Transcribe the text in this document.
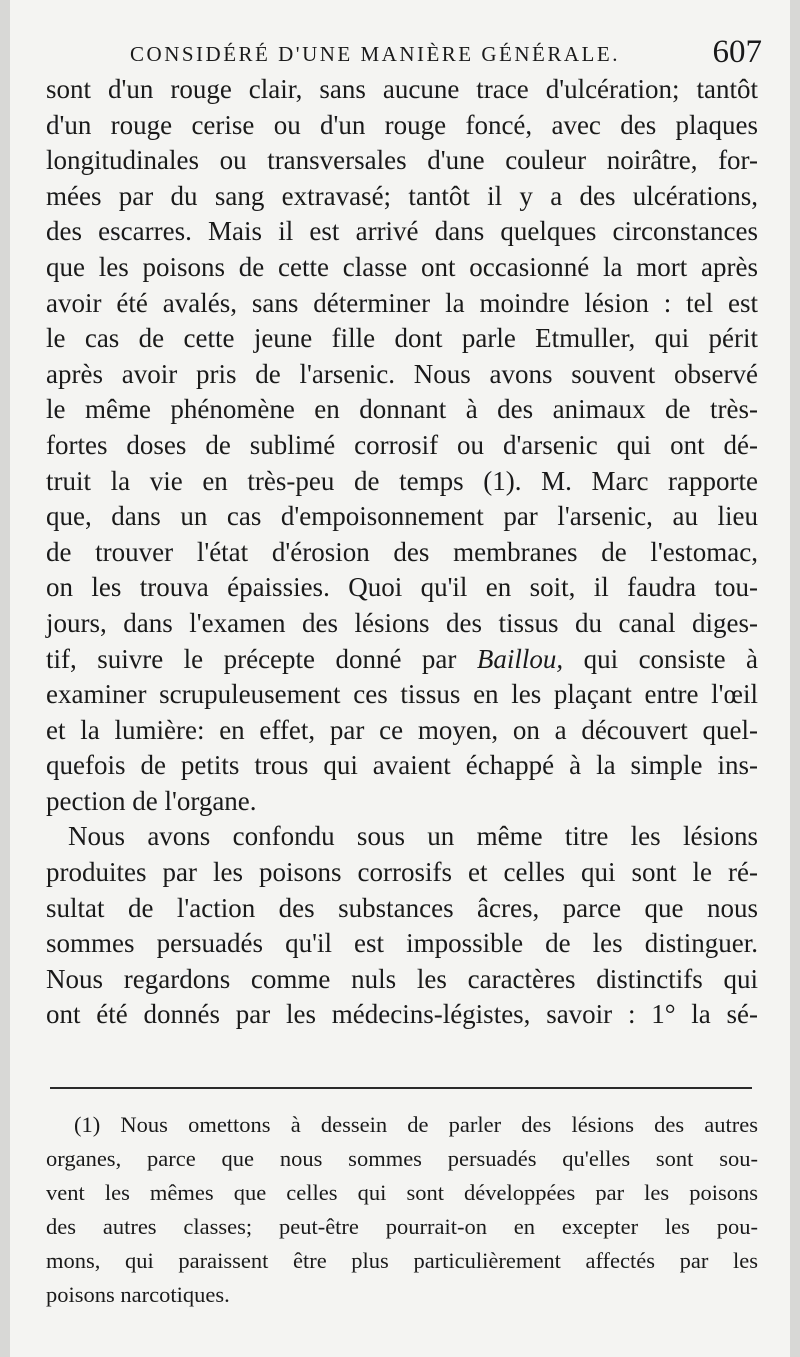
CONSIDÉRÉ D'UNE MANIÈRE GÉNÉRALE.	607
sont d'un rouge clair, sans aucune trace d'ulcération; tantôt
d'un rouge cerise ou d'un rouge foncé, avec des plaques
longitudinales ou transversales d'une couleur noirâtre, for-
mées par du sang extravasé; tantôt il y a des ulcérations,
des escarres. Mais il est arrivé dans quelques circonstances
que les poisons de cette classe ont occasionné la mort après
avoir été avalés, sans déterminer la moindre lésion : tel est
le cas de cette jeune fille dont parle Etmuller, qui périt
après avoir pris de l'arsenic. Nous avons souvent observé
le même phénomène en donnant à des animaux de très-
fortes doses de sublimé corrosif ou d'arsenic qui ont dé-
truit la vie en très-peu de temps (1). M. Marc rapporte
que, dans un cas d'empoisonnement par l'arsenic, au lieu
de trouver l'état d'érosion des membranes de l'estomac,
on les trouva épaissies. Quoi qu'il en soit, il faudra tou-
jours, dans l'examen des lésions des tissus du canal diges-
tif, suivre le précepte donné par Baillou, qui consiste à
examiner scrupuleusement ces tissus en les plaçant entre l'œil
et la lumière: en effet, par ce moyen, on a découvert quel-
quefois de petits trous qui avaient échappé à la simple ins-
pection de l'organe.
Nous avons confondu sous un même titre les lésions
produites par les poisons corrosifs et celles qui sont le ré-
sultat de l'action des substances âcres, parce que nous
sommes persuadés qu'il est impossible de les distinguer.
Nous regardons comme nuls les caractères distinctifs qui
ont été donnés par les médecins-légistes, savoir : 1° la sé-
(1) Nous omettons à dessein de parler des lésions des autres
organes, parce que nous sommes persuadés qu'elles sont sou-
vent les mêmes que celles qui sont développées par les poisons
des autres classes; peut-être pourrait-on en excepter les pou-
mons, qui paraissent être plus particulièrement affectés par les
poisons narcotiques.
